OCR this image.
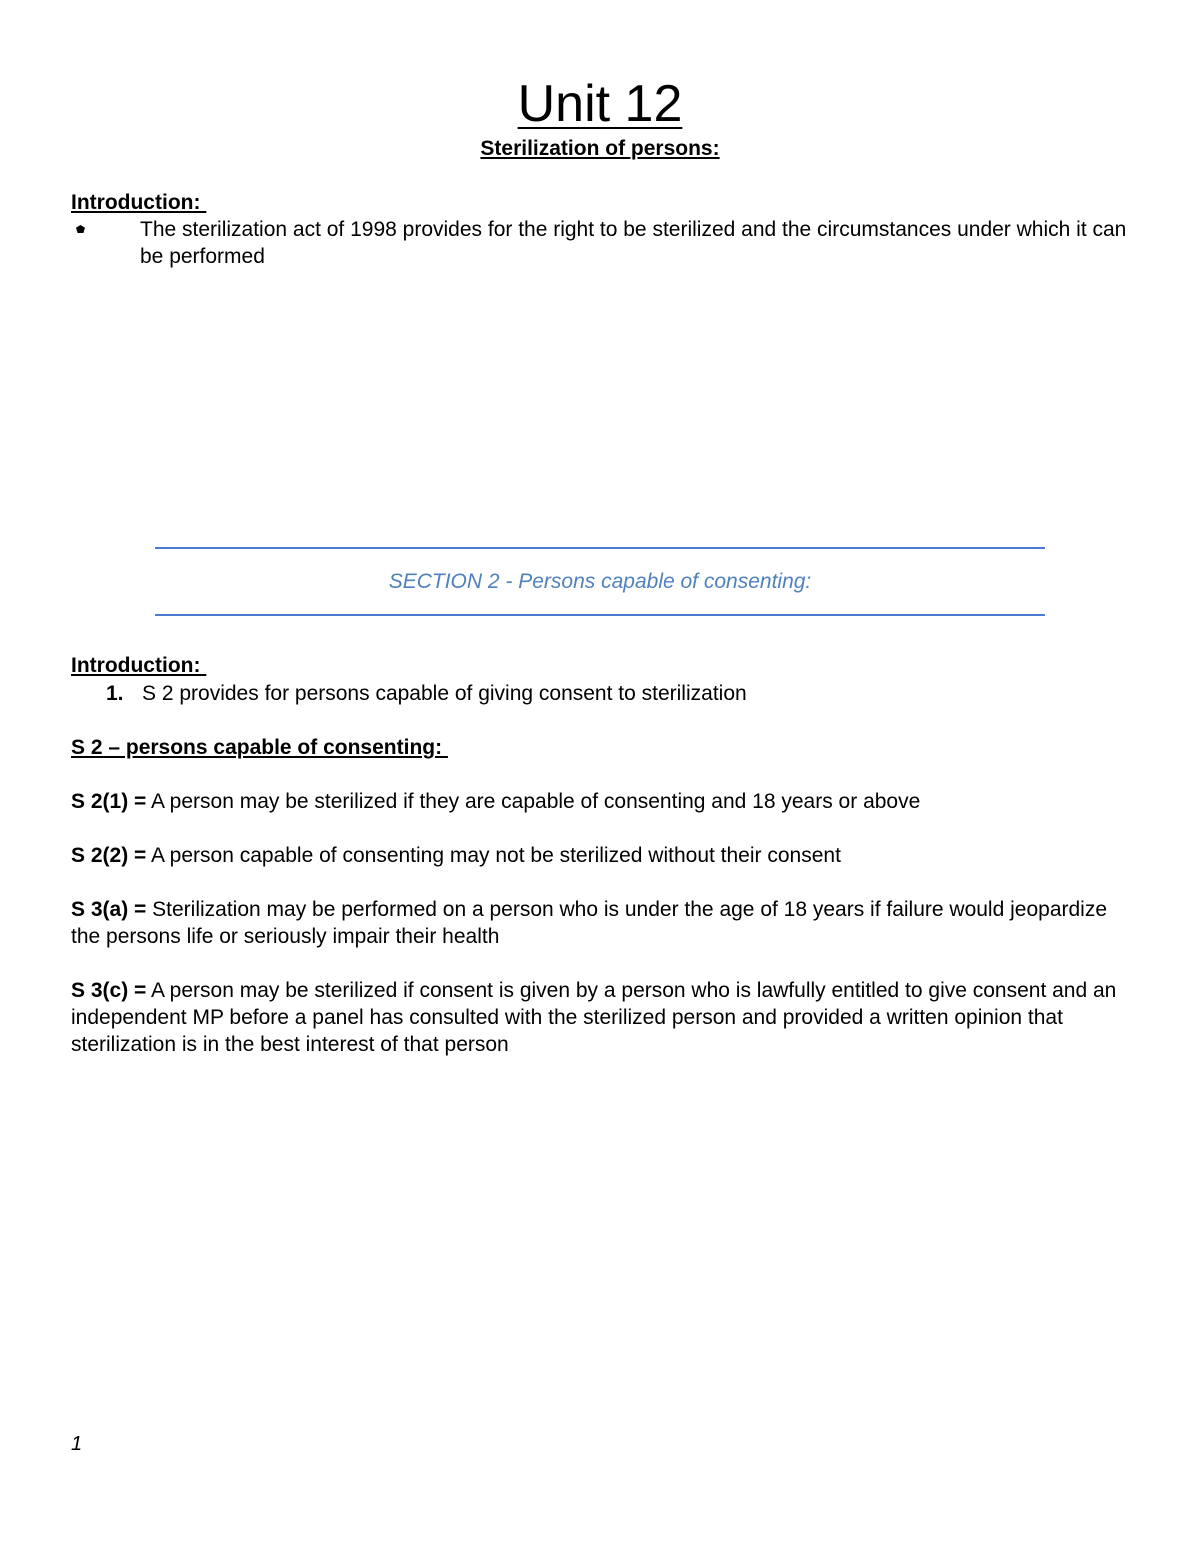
Unit 12
Sterilization of persons:
Introduction:
The sterilization act of 1998 provides for the right to be sterilized and the circumstances under which it can be performed
SECTION 2 - Persons capable of consenting:
Introduction:
1. S 2 provides for persons capable of giving consent to sterilization
S 2 – persons capable of consenting:
S 2(1) = A person may be sterilized if they are capable of consenting and 18 years or above
S 2(2) = A person capable of consenting may not be sterilized without their consent
S 3(a) = Sterilization may be performed on a person who is under the age of 18 years if failure would jeopardize the persons life or seriously impair their health
S 3(c) = A person may be sterilized if consent is given by a person who is lawfully entitled to give consent and an independent MP before a panel has consulted with the sterilized person and provided a written opinion that sterilization is in the best interest of that person
1
